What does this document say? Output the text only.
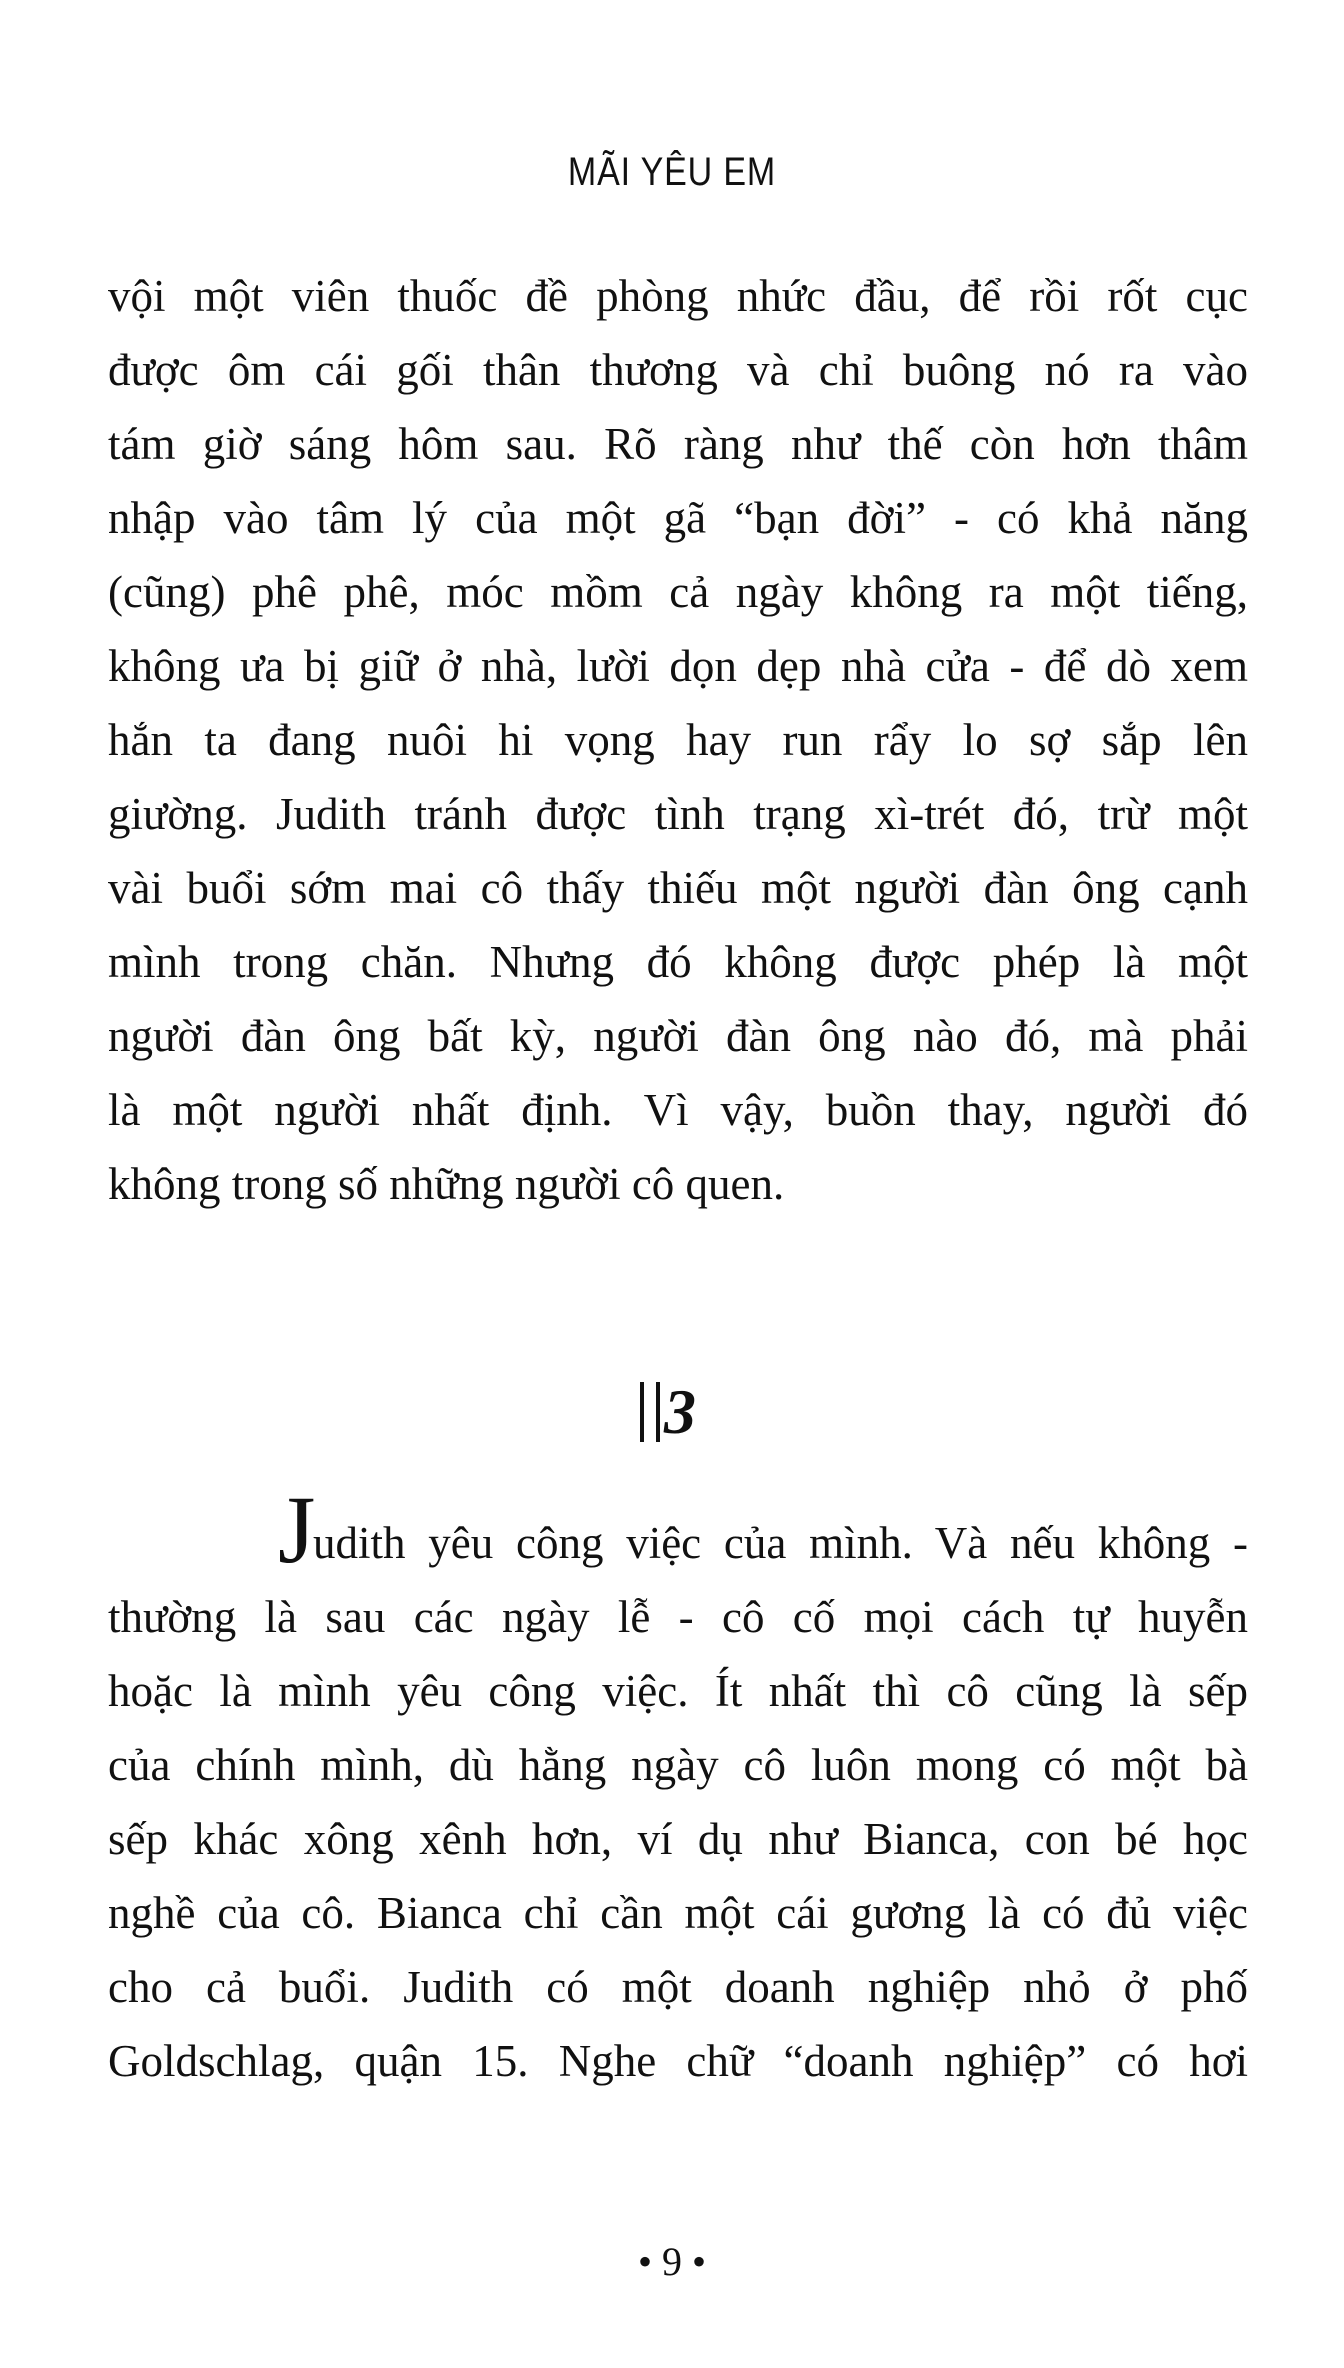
MÃI YÊU EM
vội một viên thuốc đề phòng nhức đầu, để rồi rốt cục
được ôm cái gối thân thương và chỉ buông nó ra vào
tám giờ sáng hôm sau. Rõ ràng như thế còn hơn thâm
nhập vào tâm lý của một gã “bạn đời” - có khả năng
(cũng) phê phê, móc mồm cả ngày không ra một tiếng,
không ưa bị giữ ở nhà, lười dọn dẹp nhà cửa - để dò xem
hắn ta đang nuôi hi vọng hay run rẩy lo sợ sắp lên
giường. Judith tránh được tình trạng xì-trét đó, trừ một
vài buổi sớm mai cô thấy thiếu một người đàn ông cạnh
mình trong chăn. Nhưng đó không được phép là một
người đàn ông bất kỳ, người đàn ông nào đó, mà phải
là một người nhất định. Vì vậy, buồn thay, người đó
không trong số những người cô quen.
3
J
udith yêu công việc của mình. Và nếu không -
thường là sau các ngày lễ - cô cố mọi cách tự huyễn
hoặc là mình yêu công việc. Ít nhất thì cô cũng là sếp
của chính mình, dù hằng ngày cô luôn mong có một bà
sếp khác xông xênh hơn, ví dụ như Bianca, con bé học
nghề của cô. Bianca chỉ cần một cái gương là có đủ việc
cho cả buổi. Judith có một doanh nghiệp nhỏ ở phố
Goldschlag, quận 15. Nghe chữ “doanh nghiệp” có hơi
• 9 •
